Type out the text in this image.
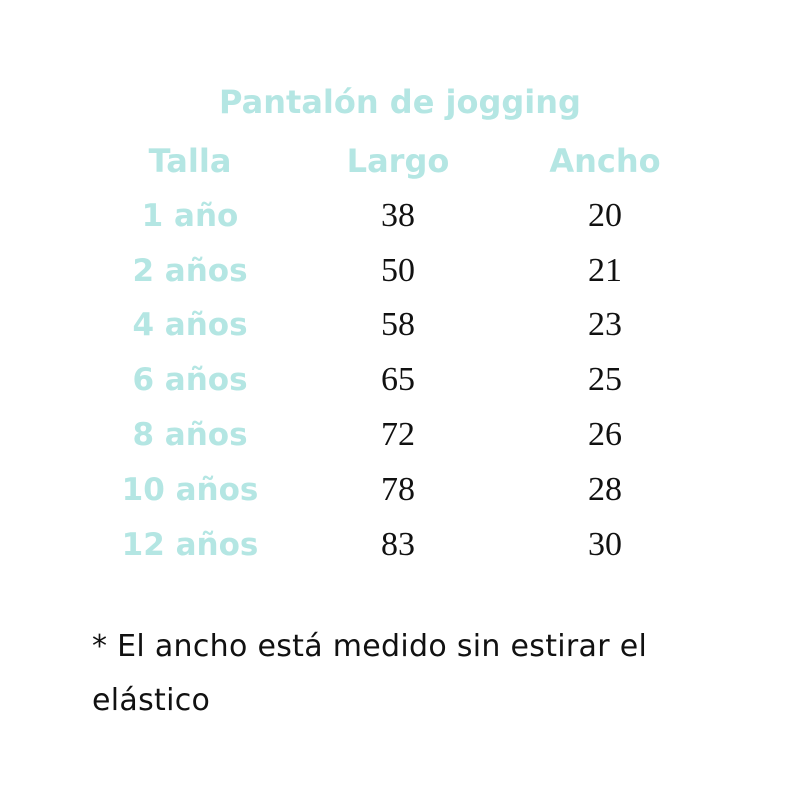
Pantalón de jogging
Talla	Largo	Ancho
1 año	38	20
2 años	50	21
4 años	58	23
6 años	65	25
8 años	72	26
10 años	78	28
12 años	83	30
* El ancho está medido sin estirar el elástico
